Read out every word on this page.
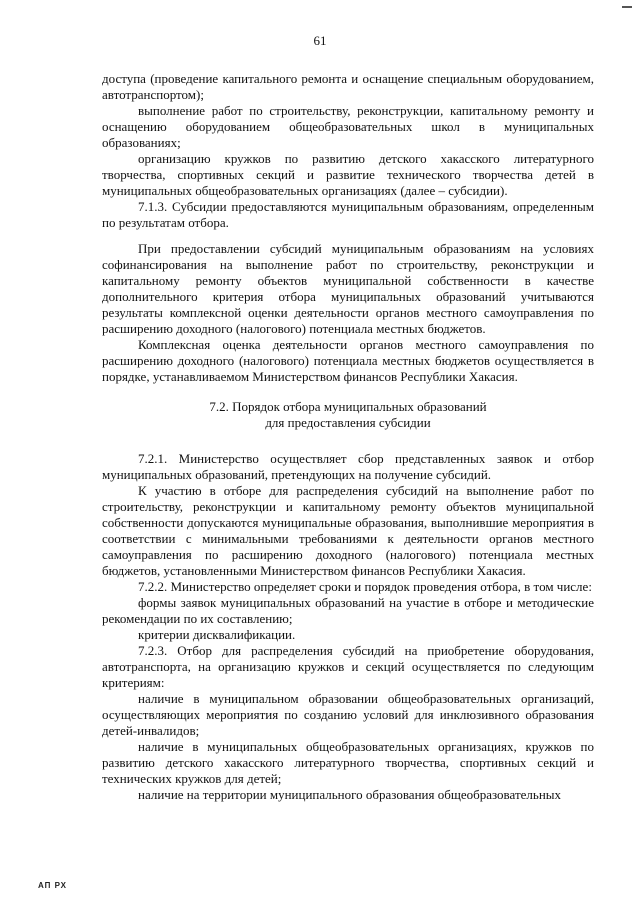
61

доступа (проведение капитального ремонта и оснащение специальным оборудованием, автотранспортом);

выполнение работ по строительству, реконструкции, капитальному ремонту и оснащению оборудованием общеобразовательных школ в муниципальных образованиях;

организацию кружков по развитию детского хакасского литературного творчества, спортивных секций и развитие технического творчества детей в муниципальных общеобразовательных организациях (далее – субсидии).

7.1.3. Субсидии предоставляются муниципальным образованиям, определенным по результатам отбора.

При предоставлении субсидий муниципальным образованиям на условиях софинансирования на выполнение работ по строительству, реконструкции и капитальному ремонту объектов муниципальной собственности в качестве дополнительного критерия отбора муниципальных образований учитываются результаты комплексной оценки деятельности органов местного самоуправления по расширению доходного (налогового) потенциала местных бюджетов.

Комплексная оценка деятельности органов местного самоуправления по расширению доходного (налогового) потенциала местных бюджетов осуществляется в порядке, устанавливаемом Министерством финансов Республики Хакасия.

7.2. Порядок отбора муниципальных образований
для предоставления субсидии

7.2.1. Министерство осуществляет сбор представленных заявок и отбор муниципальных образований, претендующих на получение субсидий.

К участию в отборе для распределения субсидий на выполнение работ по строительству, реконструкции и капитальному ремонту объектов муниципальной собственности допускаются муниципальные образования, выполнившие мероприятия в соответствии с минимальными требованиями к деятельности органов местного самоуправления по расширению доходного (налогового) потенциала местных бюджетов, установленными Министерством финансов Республики Хакасия.

7.2.2. Министерство определяет сроки и порядок проведения отбора, в том числе:

формы заявок муниципальных образований на участие в отборе и методические рекомендации по их составлению;

критерии дисквалификации.

7.2.3. Отбор для распределения субсидий на приобретение оборудования, автотранспорта, на организацию кружков и секций осуществляется по следующим критериям:

наличие в муниципальном образовании общеобразовательных организаций, осуществляющих мероприятия по созданию условий для инклюзивного образования детей-инвалидов;

наличие в муниципальных общеобразовательных организациях, кружков по развитию детского хакасского литературного творчества, спортивных секций и технических кружков для детей;

наличие на территории муниципального образования общеобразовательных

АП РХ
